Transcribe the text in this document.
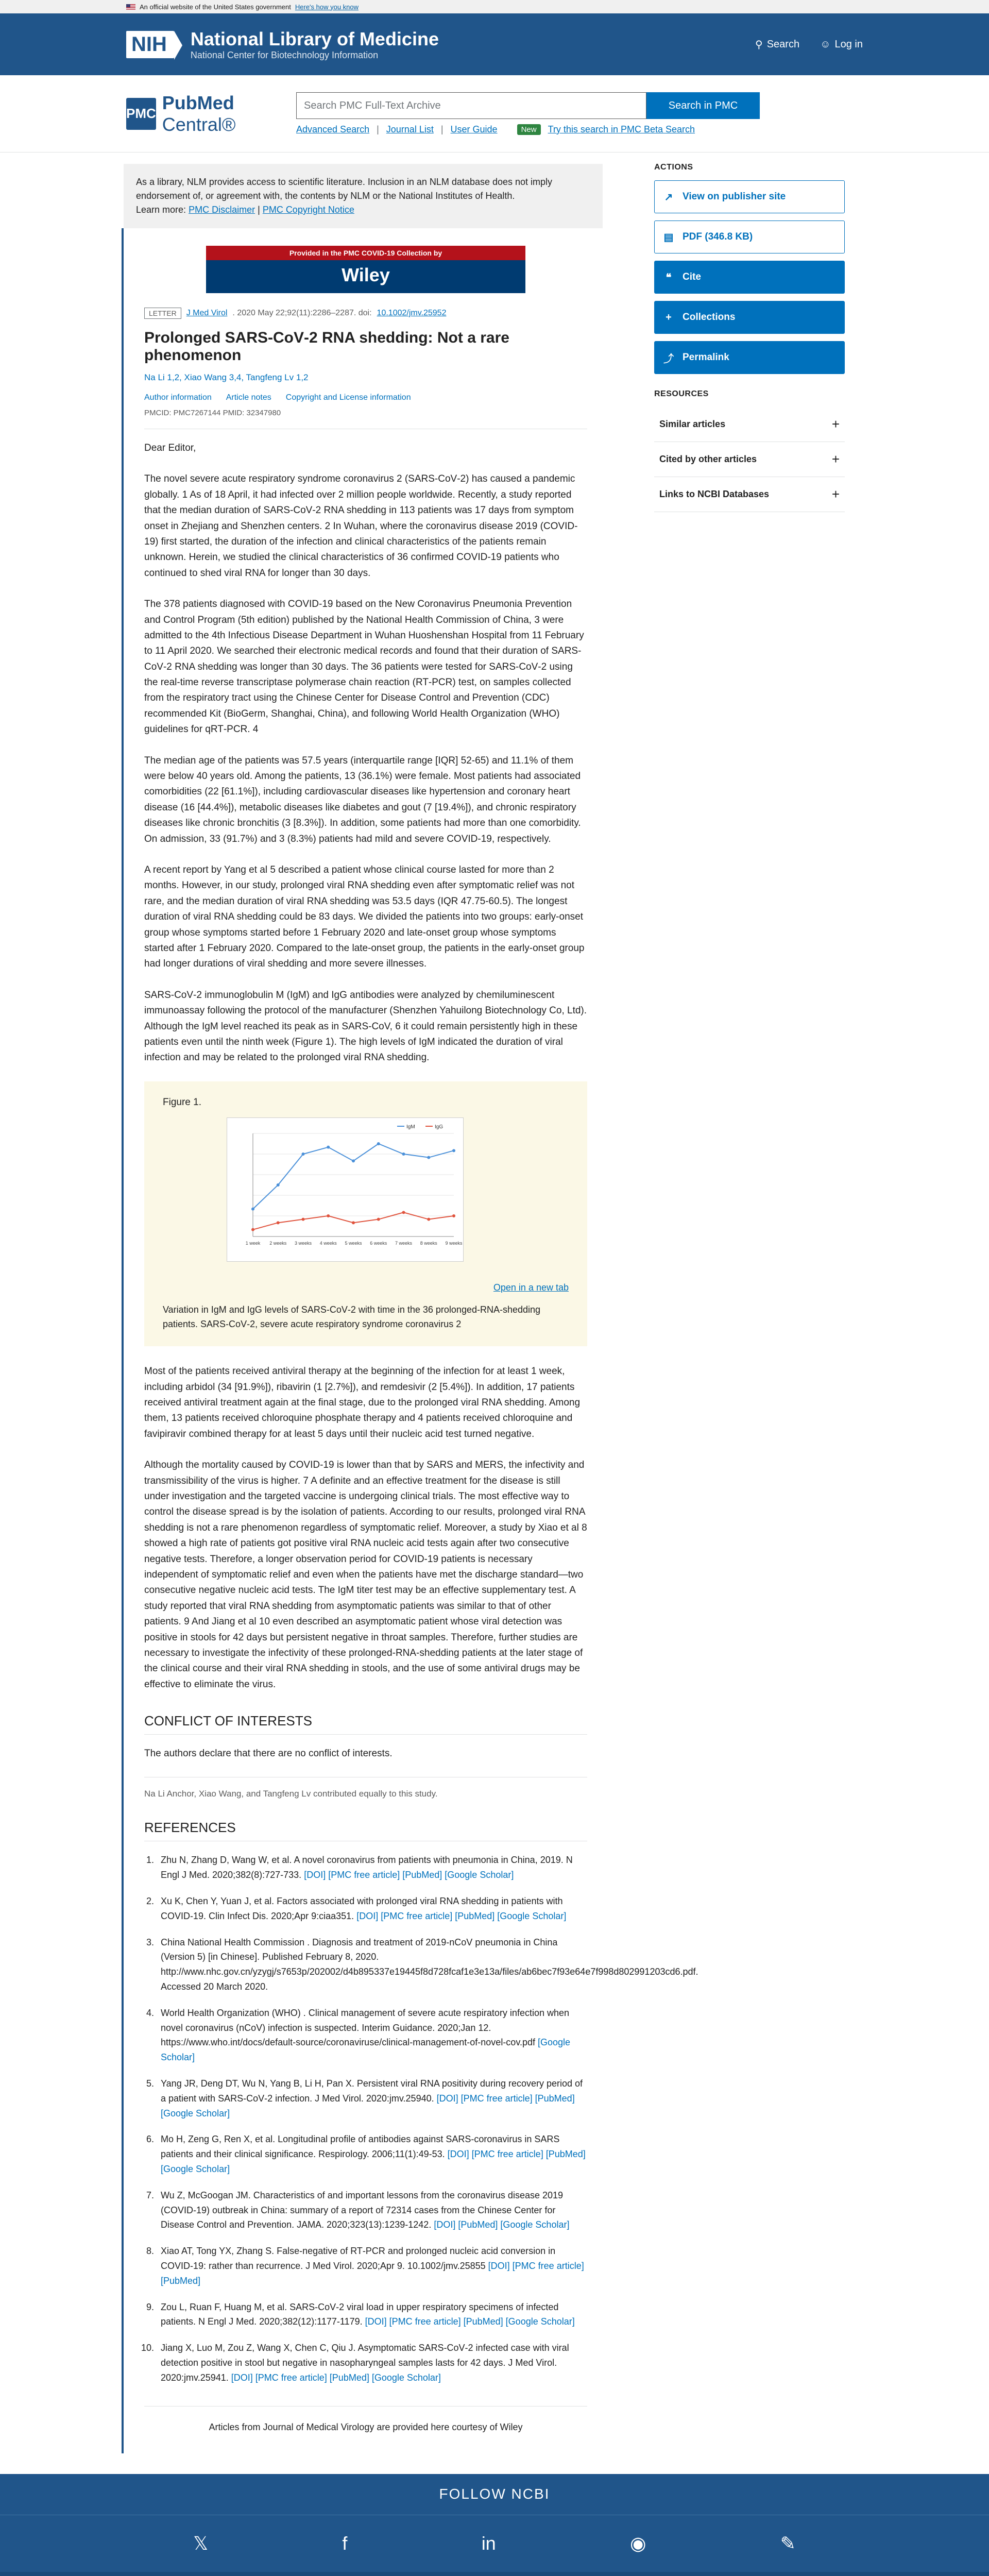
An official website of the United States government Here's how you know
NIH	National Library of Medicine
National Center for Biotechnology Information
⚲ Search ☺ Log in
PMC
PubMed Central®
Search PMC Full-Text Archive	Search in PMC
Advanced Search | Journal List | User Guide	New	Try this search in PMC Beta Search
As a library, NLM provides access to scientific literature. Inclusion in an NLM database does not imply endorsement of, or agreement with, the contents by NLM or the National Institutes of Health.
Learn more: PMC Disclaimer | PMC Copyright Notice
Provided in the PMC COVID-19 Collection by
Wiley
LETTER	J Med Virol . 2020 May 22;92(11):2286–2287. doi: 10.1002/jmv.25952
Prolonged SARS‐CoV‐2 RNA shedding: Not a rare phenomenon
Na Li 1,2, Xiao Wang 3,4, Tangfeng Lv 1,2
Author information Article notes Copyright and License information
PMCID: PMC7267144 PMID: 32347980

Dear Editor,

The novel severe acute respiratory syndrome coronavirus 2 (SARS‐CoV‐2) has caused a pandemic globally. 1 As of 18 April, it had infected over 2 million people worldwide. Recently, a study reported that the median duration of SARS‐CoV‐2 RNA shedding in 113 patients was 17 days from symptom onset in Zhejiang and Shenzhen centers. 2 In Wuhan, where the coronavirus disease 2019 (COVID‐19) first started, the duration of the infection and clinical characteristics of the patients remain unknown. Herein, we studied the clinical characteristics of 36 confirmed COVID‐19 patients who continued to shed viral RNA for longer than 30 days.

The 378 patients diagnosed with COVID‐19 based on the New Coronavirus Pneumonia Prevention and Control Program (5th edition) published by the National Health Commission of China, 3 were admitted to the 4th Infectious Disease Department in Wuhan Huoshenshan Hospital from 11 February to 11 April 2020. We searched their electronic medical records and found that their duration of SARS‐CoV‐2 RNA shedding was longer than 30 days. The 36 patients were tested for SARS‐CoV‐2 using the real‐time reverse transcriptase polymerase chain reaction (RT‐PCR) test, on samples collected from the respiratory tract using the Chinese Center for Disease Control and Prevention (CDC) recommended Kit (BioGerm, Shanghai, China), and following World Health Organization (WHO) guidelines for qRT‐PCR. 4

The median age of the patients was 57.5 years (interquartile range [IQR] 52‐65) and 11.1% of them were below 40 years old. Among the patients, 13 (36.1%) were female. Most patients had associated comorbidities (22 [61.1%]), including cardiovascular diseases like hypertension and coronary heart disease (16 [44.4%]), metabolic diseases like diabetes and gout (7 [19.4%]), and chronic respiratory diseases like chronic bronchitis (3 [8.3%]). In addition, some patients had more than one comorbidity. On admission, 33 (91.7%) and 3 (8.3%) patients had mild and severe COVID‐19, respectively.

A recent report by Yang et al 5 described a patient whose clinical course lasted for more than 2 months. However, in our study, prolonged viral RNA shedding even after symptomatic relief was not rare, and the median duration of viral RNA shedding was 53.5 days (IQR 47.75‐60.5). The longest duration of viral RNA shedding could be 83 days. We divided the patients into two groups: early‐onset group whose symptoms started before 1 February 2020 and late‐onset group whose symptoms started after 1 February 2020. Compared to the late‐onset group, the patients in the early‐onset group had longer durations of viral shedding and more severe illnesses.

SARS‐CoV‐2 immunoglobulin M (IgM) and IgG antibodies were analyzed by chemiluminescent immunoassay following the protocol of the manufacturer (Shenzhen Yahuilong Biotechnology Co, Ltd). Although the IgM level reached its peak as in SARS‐CoV, 6 it could remain persistently high in these patients even until the ninth week (Figure 1). The high levels of IgM indicated the duration of viral infection and may be related to the prolonged viral RNA shedding.

Figure 1.
1 week 2 weeks 3 weeks 4 weeks 5 weeks 6 weeks 7 weeks 8 weeks 9 weeks
IgM	IgG
Open in a new tab
Variation in IgM and IgG levels of SARS‐CoV‐2 with time in the 36 prolonged‐RNA‐shedding patients. SARS‐CoV‐2, severe acute respiratory syndrome coronavirus 2

Most of the patients received antiviral therapy at the beginning of the infection for at least 1 week, including arbidol (34 [91.9%]), ribavirin (1 [2.7%]), and remdesivir (2 [5.4%]). In addition, 17 patients received antiviral treatment again at the final stage, due to the prolonged viral RNA shedding. Among them, 13 patients received chloroquine phosphate therapy and 4 patients received chloroquine and favipiravir combined therapy for at least 5 days until their nucleic acid test turned negative.

Although the mortality caused by COVID‐19 is lower than that by SARS and MERS, the infectivity and transmissibility of the virus is higher. 7 A definite and an effective treatment for the disease is still under investigation and the targeted vaccine is undergoing clinical trials. The most effective way to control the disease spread is by the isolation of patients. According to our results, prolonged viral RNA shedding is not a rare phenomenon regardless of symptomatic relief. Moreover, a study by Xiao et al 8 showed a high rate of patients got positive viral RNA nucleic acid tests again after two consecutive negative tests. Therefore, a longer observation period for COVID‐19 patients is necessary independent of symptomatic relief and even when the patients have met the discharge standard—two consecutive negative nucleic acid tests. The IgM titer test may be an effective supplementary test. A study reported that viral RNA shedding from asymptomatic patients was similar to that of other patients. 9 And Jiang et al 10 even described an asymptomatic patient whose viral detection was positive in stools for 42 days but persistent negative in throat samples. Therefore, further studies are necessary to investigate the infectivity of these prolonged‐RNA‐shedding patients at the later stage of the clinical course and their viral RNA shedding in stools, and the use of some antiviral drugs may be effective to eliminate the virus.

CONFLICT OF INTERESTS

The authors declare that there are no conflict of interests.

Na Li Anchor, Xiao Wang, and Tangfeng Lv contributed equally to this study.
REFERENCES
1. Zhu N, Zhang D, Wang W, et al. A novel coronavirus from patients with pneumonia in China, 2019. N Engl J Med. 2020;382(8):727‐733. [DOI] [PMC free article] [PubMed] [Google Scholar]
2. Xu K, Chen Y, Yuan J, et al. Factors associated with prolonged viral RNA shedding in patients with COVID‐19. Clin Infect Dis. 2020;Apr 9:ciaa351. [DOI] [PMC free article] [PubMed] [Google Scholar]
3. China National Health Commission . Diagnosis and treatment of 2019‐nCoV pneumonia in China (Version 5) [in Chinese]. Published February 8, 2020. http://www.nhc.gov.cn/yzygj/s7653p/202002/d4b895337e19445f8d728fcaf1e3e13a/files/ab6bec7f93e64e7f998d802991203cd6.pdf. Accessed 20 March 2020.
4. World Health Organization (WHO) . Clinical management of severe acute respiratory infection when novel coronavirus (nCoV) infection is suspected. Interim Guidance. 2020;Jan 12. https://www.who.int/docs/default-source/coronaviruse/clinical-management-of-novel-cov.pdf [Google Scholar]
5. Yang JR, Deng DT, Wu N, Yang B, Li H, Pan X. Persistent viral RNA positivity during recovery period of a patient with SARS‐CoV‐2 infection. J Med Virol. 2020:jmv.25940. [DOI] [PMC free article] [PubMed] [Google Scholar]
6. Mo H, Zeng G, Ren X, et al. Longitudinal profile of antibodies against SARS‐coronavirus in SARS patients and their clinical significance. Respirology. 2006;11(1):49‐53. [DOI] [PMC free article] [PubMed] [Google Scholar]
7. Wu Z, McGoogan JM. Characteristics of and important lessons from the coronavirus disease 2019 (COVID‐19) outbreak in China: summary of a report of 72314 cases from the Chinese Center for Disease Control and Prevention. JAMA. 2020;323(13):1239‐1242. [DOI] [PubMed] [Google Scholar]
8. Xiao AT, Tong YX, Zhang S. False‐negative of RT‐PCR and prolonged nucleic acid conversion in COVID‐19: rather than recurrence. J Med Virol. 2020;Apr 9. 10.1002/jmv.25855 [DOI] [PMC free article] [PubMed]
9. Zou L, Ruan F, Huang M, et al. SARS‐CoV‐2 viral load in upper respiratory specimens of infected patients. N Engl J Med. 2020;382(12):1177‐1179. [DOI] [PMC free article] [PubMed] [Google Scholar]
10. Jiang X, Luo M, Zou Z, Wang X, Chen C, Qiu J. Asymptomatic SARS‐CoV‐2 infected case with viral detection positive in stool but negative in nasopharyngeal samples lasts for 42 days. J Med Virol. 2020:jmv.25941. [DOI] [PMC free article] [PubMed] [Google Scholar]
Articles from Journal of Medical Virology are provided here courtesy of Wiley
ACTIONS
↗ View on publisher site
▤ PDF (346.8 KB)
❝ Cite
+ Collections
⤴ Permalink
RESOURCES
Similar articles	+
Cited by other articles	+
Links to NCBI Databases	+
FOLLOW NCBI
𝕏	f	in	◉	✎
